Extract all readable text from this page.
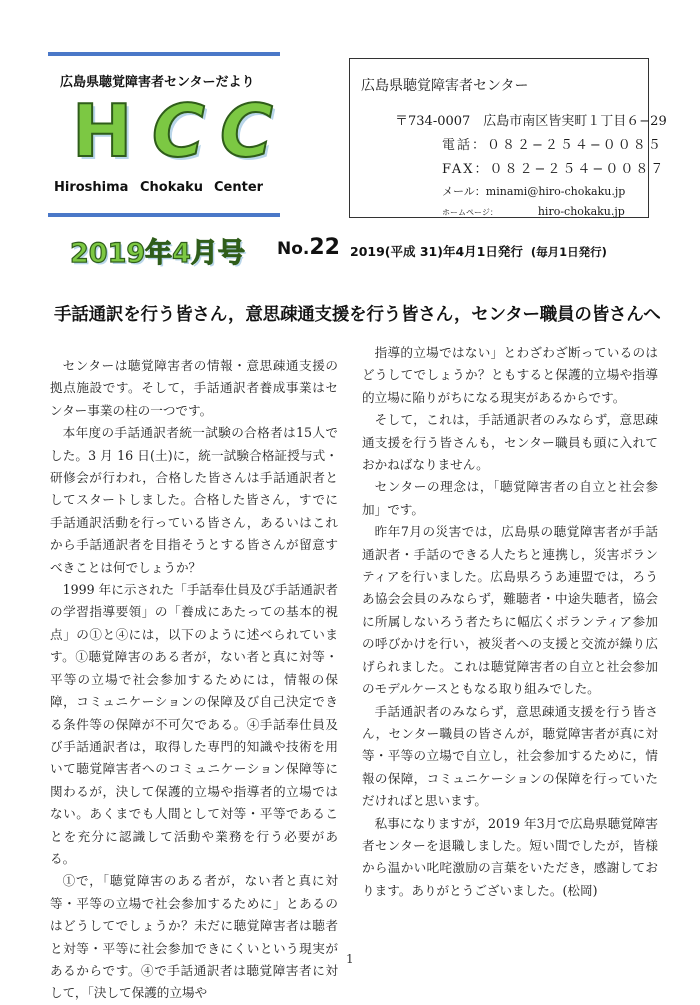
広島県聴覚障害者センターだより
H C C
Hiroshima Chokaku Center
広島県聴覚障害者センター
〒734-0007　広島市南区皆実町１丁目６−29
電話：０８２−２５４−００８５
FAX：０８２−２５４−００８７
メール：minami@hiro-chokaku.jp
ホームページ：	hiro-chokaku.jp
2019年4月号 No.22 2019(平成 31)年4月1日発行 (毎月1日発行)
手話通訳を行う皆さん，意思疎通支援を行う皆さん，センター職員の皆さんへ

センターは聴覚障害者の情報・意思疎通支援の拠点施設です。そして，手話通訳者養成事業はセンター事業の柱の一つです。

本年度の手話通訳者統一試験の合格者は15人でした。3 月 16 日(土)に，統一試験合格証授与式・研修会が行われ，合格した皆さんは手話通訳者としてスタートしました。合格した皆さん，すでに手話通訳活動を行っている皆さん，あるいはこれから手話通訳者を目指そうとする皆さんが留意すべきことは何でしょうか？

1999 年に示された「手話奉仕員及び手話通訳者の学習指導要領」の「養成にあたっての基本的視点」の①と④には，以下のように述べられています。①聴覚障害のある者が，ない者と真に対等・平等の立場で社会参加するためには，情報の保障，コミュニケーションの保障及び自己決定できる条件等の保障が不可欠である。④手話奉仕員及び手話通訳者は，取得した専門的知識や技術を用いて聴覚障害者へのコミュニケーション保障等に関わるが，決して保護的立場や指導者的立場ではない。あくまでも人間として対等・平等であることを充分に認識して活動や業務を行う必要がある。

①で，「聴覚障害のある者が，ない者と真に対等・平等の立場で社会参加するために」とあるのはどうしてでしょうか？未だに聴覚障害者は聴者と対等・平等に社会参加できにくいという現実があるからです。④で手話通訳者は聴覚障害者に対して，「決して保護的立場や

指導的立場ではない」とわざわざ断っているのはどうしてでしょうか？ともすると保護的立場や指導的立場に陥りがちになる現実があるからです。

そして，これは，手話通訳者のみならず，意思疎通支援を行う皆さんも，センター職員も頭に入れておかねばなりません。

センターの理念は，「聴覚障害者の自立と社会参加」です。

昨年7月の災害では，広島県の聴覚障害者が手話通訳者・手話のできる人たちと連携し，災害ボランティアを行いました。広島県ろうあ連盟では，ろうあ協会会員のみならず，難聴者・中途失聴者，協会に所属しないろう者たちに幅広くボランティア参加の呼びかけを行い，被災者への支援と交流が繰り広げられました。これは聴覚障害者の自立と社会参加のモデルケースともなる取り組みでした。

手話通訳者のみならず，意思疎通支援を行う皆さん，センター職員の皆さんが，聴覚障害者が真に対等・平等の立場で自立し，社会参加するために，情報の保障，コミュニケーションの保障を行っていただければと思います。

私事になりますが，2019 年3月で広島県聴覚障害者センターを退職しました。短い間でしたが，皆様から温かい叱咤激励の言葉をいただき，感謝しております。ありがとうございました。(松岡)

1
